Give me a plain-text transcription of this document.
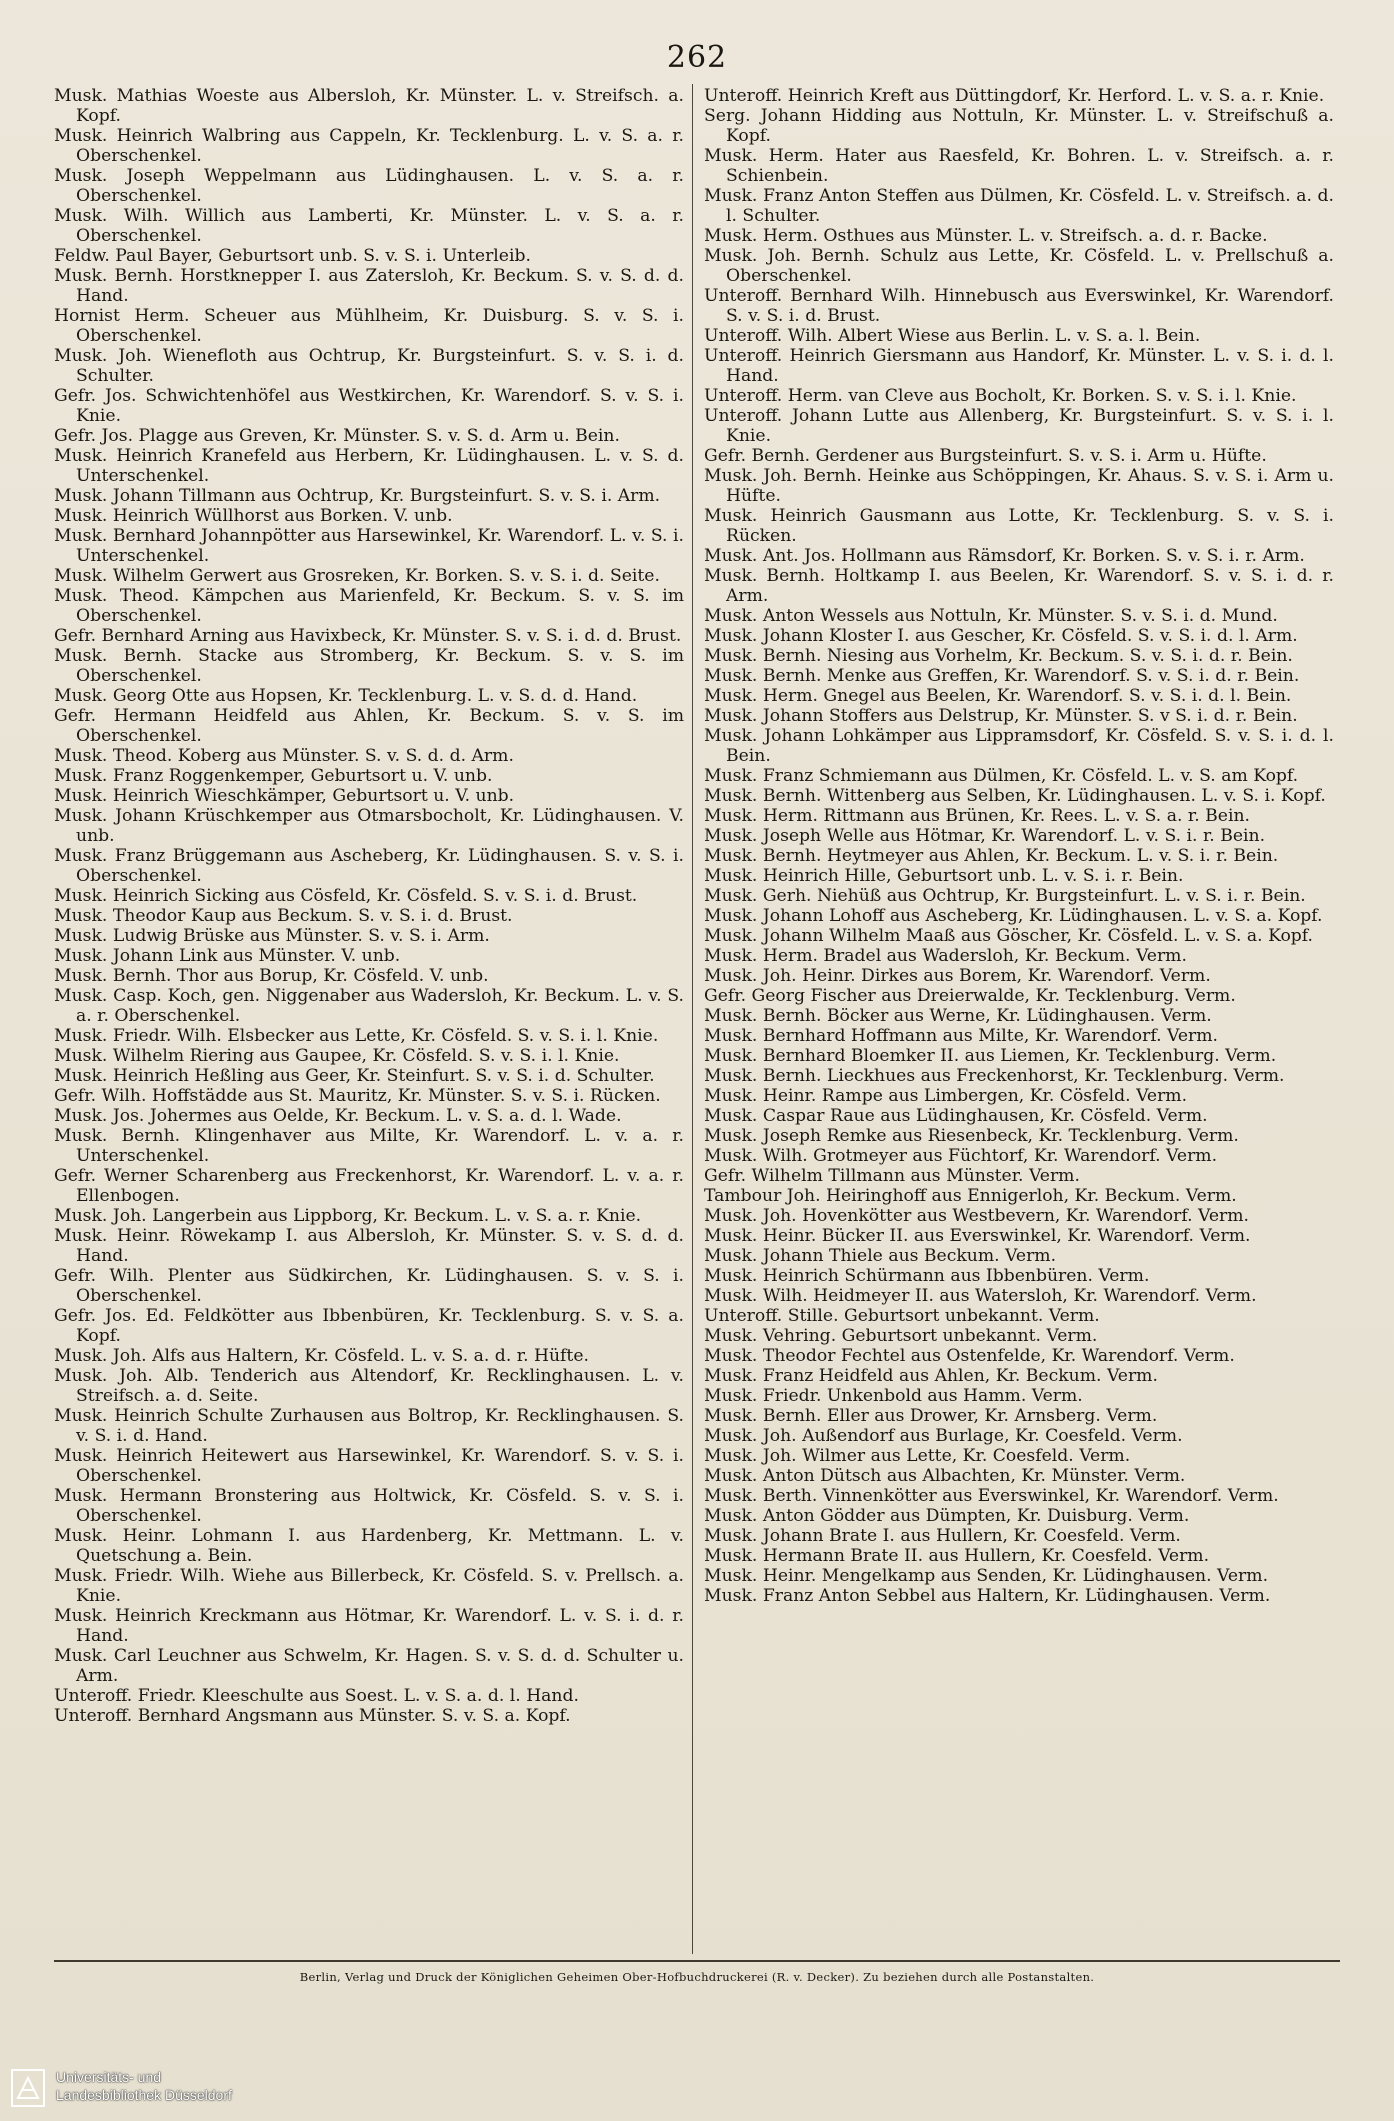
262

Musk. Mathias Woeste aus Albersloh, Kr. Münster. L. v. Streifsch. a. Kopf.

Musk. Heinrich Walbring aus Cappeln, Kr. Tecklenburg. L. v. S. a. r. Oberschenkel.

Musk. Joseph Weppelmann aus Lüdinghausen. L. v. S. a. r. Oberschenkel.

Musk. Wilh. Willich aus Lamberti, Kr. Münster. L. v. S. a. r. Oberschenkel.

Feldw. Paul Bayer, Geburtsort unb. S. v. S. i. Unterleib.

Musk. Bernh. Horstknepper I. aus Zatersloh, Kr. Beckum. S. v. S. d. d. Hand.

Hornist Herm. Scheuer aus Mühlheim, Kr. Duisburg. S. v. S. i. Oberschenkel.

Musk. Joh. Wienefloth aus Ochtrup, Kr. Burgsteinfurt. S. v. S. i. d. Schulter.

Gefr. Jos. Schwichtenhöfel aus Westkirchen, Kr. Warendorf. S. v. S. i. Knie.

Gefr. Jos. Plagge aus Greven, Kr. Münster. S. v. S. d. Arm u. Bein.

Musk. Heinrich Kranefeld aus Herbern, Kr. Lüdinghausen. L. v. S. d. Unterschenkel.

Musk. Johann Tillmann aus Ochtrup, Kr. Burgsteinfurt. S. v. S. i. Arm.

Musk. Heinrich Wüllhorst aus Borken. V. unb.

Musk. Bernhard Johannpötter aus Harsewinkel, Kr. Warendorf. L. v. S. i. Unterschenkel.

Musk. Wilhelm Gerwert aus Grosreken, Kr. Borken. S. v. S. i. d. Seite.

Musk. Theod. Kämpchen aus Marienfeld, Kr. Beckum. S. v. S. im Oberschenkel.

Gefr. Bernhard Arning aus Havixbeck, Kr. Münster. S. v. S. i. d. d. Brust.

Musk. Bernh. Stacke aus Stromberg, Kr. Beckum. S. v. S. im Oberschenkel.

Musk. Georg Otte aus Hopsen, Kr. Tecklenburg. L. v. S. d. d. Hand.

Gefr. Hermann Heidfeld aus Ahlen, Kr. Beckum. S. v. S. im Oberschenkel.

Musk. Theod. Koberg aus Münster. S. v. S. d. d. Arm.

Musk. Franz Roggenkemper, Geburtsort u. V. unb.

Musk. Heinrich Wieschkämper, Geburtsort u. V. unb.

Musk. Johann Krüschkemper aus Otmarsbocholt, Kr. Lüdinghausen. V. unb.

Musk. Franz Brüggemann aus Ascheberg, Kr. Lüdinghausen. S. v. S. i. Oberschenkel.

Musk. Heinrich Sicking aus Cösfeld, Kr. Cösfeld. S. v. S. i. d. Brust.

Musk. Theodor Kaup aus Beckum. S. v. S. i. d. Brust.

Musk. Ludwig Brüske aus Münster. S. v. S. i. Arm.

Musk. Johann Link aus Münster. V. unb.

Musk. Bernh. Thor aus Borup, Kr. Cösfeld. V. unb.

Musk. Casp. Koch, gen. Niggenaber aus Wadersloh, Kr. Beckum. L. v. S. a. r. Oberschenkel.

Musk. Friedr. Wilh. Elsbecker aus Lette, Kr. Cösfeld. S. v. S. i. l. Knie.

Musk. Wilhelm Riering aus Gaupee, Kr. Cösfeld. S. v. S. i. l. Knie.

Musk. Heinrich Heßling aus Geer, Kr. Steinfurt. S. v. S. i. d. Schulter.

Gefr. Wilh. Hoffstädde aus St. Mauritz, Kr. Münster. S. v. S. i. Rücken.

Musk. Jos. Johermes aus Oelde, Kr. Beckum. L. v. S. a. d. l. Wade.

Musk. Bernh. Klingenhaver aus Milte, Kr. Warendorf. L. v. a. r. Unterschenkel.

Gefr. Werner Scharenberg aus Freckenhorst, Kr. Warendorf. L. v. a. r. Ellenbogen.

Musk. Joh. Langerbein aus Lippborg, Kr. Beckum. L. v. S. a. r. Knie.

Musk. Heinr. Röwekamp I. aus Albersloh, Kr. Münster. S. v. S. d. d. Hand.

Gefr. Wilh. Plenter aus Südkirchen, Kr. Lüdinghausen. S. v. S. i. Oberschenkel.

Gefr. Jos. Ed. Feldkötter aus Ibbenbüren, Kr. Tecklenburg. S. v. S. a. Kopf.

Musk. Joh. Alfs aus Haltern, Kr. Cösfeld. L. v. S. a. d. r. Hüfte.

Musk. Joh. Alb. Tenderich aus Altendorf, Kr. Recklinghausen. L. v. Streifsch. a. d. Seite.

Musk. Heinrich Schulte Zurhausen aus Boltrop, Kr. Recklinghausen. S. v. S. i. d. Hand.

Musk. Heinrich Heitewert aus Harsewinkel, Kr. Warendorf. S. v. S. i. Oberschenkel.

Musk. Hermann Bronstering aus Holtwick, Kr. Cösfeld. S. v. S. i. Oberschenkel.

Musk. Heinr. Lohmann I. aus Hardenberg, Kr. Mettmann. L. v. Quetschung a. Bein.

Musk. Friedr. Wilh. Wiehe aus Billerbeck, Kr. Cösfeld. S. v. Prellsch. a. Knie.

Musk. Heinrich Kreckmann aus Hötmar, Kr. Warendorf. L. v. S. i. d. r. Hand.

Musk. Carl Leuchner aus Schwelm, Kr. Hagen. S. v. S. d. d. Schulter u. Arm.

Unteroff. Friedr. Kleeschulte aus Soest. L. v. S. a. d. l. Hand.

Unteroff. Bernhard Angsmann aus Münster. S. v. S. a. Kopf.

Unteroff. Heinrich Kreft aus Düttingdorf, Kr. Herford. L. v. S. a. r. Knie.

Serg. Johann Hidding aus Nottuln, Kr. Münster. L. v. Streifschuß a. Kopf.

Musk. Herm. Hater aus Raesfeld, Kr. Bohren. L. v. Streifsch. a. r. Schienbein.

Musk. Franz Anton Steffen aus Dülmen, Kr. Cösfeld. L. v. Streifsch. a. d. l. Schulter.

Musk. Herm. Osthues aus Münster. L. v. Streifsch. a. d. r. Backe.

Musk. Joh. Bernh. Schulz aus Lette, Kr. Cösfeld. L. v. Prellschuß a. Oberschenkel.

Unteroff. Bernhard Wilh. Hinnebusch aus Everswinkel, Kr. Warendorf. S. v. S. i. d. Brust.

Unteroff. Wilh. Albert Wiese aus Berlin. L. v. S. a. l. Bein.

Unteroff. Heinrich Giersmann aus Handorf, Kr. Münster. L. v. S. i. d. l. Hand.

Unteroff. Herm. van Cleve aus Bocholt, Kr. Borken. S. v. S. i. l. Knie.

Unteroff. Johann Lutte aus Allenberg, Kr. Burgsteinfurt. S. v. S. i. l. Knie.

Gefr. Bernh. Gerdener aus Burgsteinfurt. S. v. S. i. Arm u. Hüfte.

Musk. Joh. Bernh. Heinke aus Schöppingen, Kr. Ahaus. S. v. S. i. Arm u. Hüfte.

Musk. Heinrich Gausmann aus Lotte, Kr. Tecklenburg. S. v. S. i. Rücken.

Musk. Ant. Jos. Hollmann aus Rämsdorf, Kr. Borken. S. v. S. i. r. Arm.

Musk. Bernh. Holtkamp I. aus Beelen, Kr. Warendorf. S. v. S. i. d. r. Arm.

Musk. Anton Wessels aus Nottuln, Kr. Münster. S. v. S. i. d. Mund.

Musk. Johann Kloster I. aus Gescher, Kr. Cösfeld. S. v. S. i. d. l. Arm.

Musk. Bernh. Niesing aus Vorhelm, Kr. Beckum. S. v. S. i. d. r. Bein.

Musk. Bernh. Menke aus Greffen, Kr. Warendorf. S. v. S. i. d. r. Bein.

Musk. Herm. Gnegel aus Beelen, Kr. Warendorf. S. v. S. i. d. l. Bein.

Musk. Johann Stoffers aus Delstrup, Kr. Münster. S. v S. i. d. r. Bein.

Musk. Johann Lohkämper aus Lippramsdorf, Kr. Cösfeld. S. v. S. i. d. l. Bein.

Musk. Franz Schmiemann aus Dülmen, Kr. Cösfeld. L. v. S. am Kopf.

Musk. Bernh. Wittenberg aus Selben, Kr. Lüdinghausen. L. v. S. i. Kopf.

Musk. Herm. Rittmann aus Brünen, Kr. Rees. L. v. S. a. r. Bein.

Musk. Joseph Welle aus Hötmar, Kr. Warendorf. L. v. S. i. r. Bein.

Musk. Bernh. Heytmeyer aus Ahlen, Kr. Beckum. L. v. S. i. r. Bein.

Musk. Heinrich Hille, Geburtsort unb. L. v. S. i. r. Bein.

Musk. Gerh. Niehüß aus Ochtrup, Kr. Burgsteinfurt. L. v. S. i. r. Bein.

Musk. Johann Lohoff aus Ascheberg, Kr. Lüdinghausen. L. v. S. a. Kopf.

Musk. Johann Wilhelm Maaß aus Göscher, Kr. Cösfeld. L. v. S. a. Kopf.

Musk. Herm. Bradel aus Wadersloh, Kr. Beckum. Verm.

Musk. Joh. Heinr. Dirkes aus Borem, Kr. Warendorf. Verm.

Gefr. Georg Fischer aus Dreierwalde, Kr. Tecklenburg. Verm.

Musk. Bernh. Böcker aus Werne, Kr. Lüdinghausen. Verm.

Musk. Bernhard Hoffmann aus Milte, Kr. Warendorf. Verm.

Musk. Bernhard Bloemker II. aus Liemen, Kr. Tecklenburg. Verm.

Musk. Bernh. Lieckhues aus Freckenhorst, Kr. Tecklenburg. Verm.

Musk. Heinr. Rampe aus Limbergen, Kr. Cösfeld. Verm.

Musk. Caspar Raue aus Lüdinghausen, Kr. Cösfeld. Verm.

Musk. Joseph Remke aus Riesenbeck, Kr. Tecklenburg. Verm.

Musk. Wilh. Grotmeyer aus Füchtorf, Kr. Warendorf. Verm.

Gefr. Wilhelm Tillmann aus Münster. Verm.

Tambour Joh. Heiringhoff aus Ennigerloh, Kr. Beckum. Verm.

Musk. Joh. Hovenkötter aus Westbevern, Kr. Warendorf. Verm.

Musk. Heinr. Bücker II. aus Everswinkel, Kr. Warendorf. Verm.

Musk. Johann Thiele aus Beckum. Verm.

Musk. Heinrich Schürmann aus Ibbenbüren. Verm.

Musk. Wilh. Heidmeyer II. aus Watersloh, Kr. Warendorf. Verm.

Unteroff. Stille. Geburtsort unbekannt. Verm.

Musk. Vehring. Geburtsort unbekannt. Verm.

Musk. Theodor Fechtel aus Ostenfelde, Kr. Warendorf. Verm.

Musk. Franz Heidfeld aus Ahlen, Kr. Beckum. Verm.

Musk. Friedr. Unkenbold aus Hamm. Verm.

Musk. Bernh. Eller aus Drower, Kr. Arnsberg. Verm.

Musk. Joh. Außendorf aus Burlage, Kr. Coesfeld. Verm.

Musk. Joh. Wilmer aus Lette, Kr. Coesfeld. Verm.

Musk. Anton Dütsch aus Albachten, Kr. Münster. Verm.

Musk. Berth. Vinnenkötter aus Everswinkel, Kr. Warendorf. Verm.

Musk. Anton Gödder aus Dümpten, Kr. Duisburg. Verm.

Musk. Johann Brate I. aus Hullern, Kr. Coesfeld. Verm.

Musk. Hermann Brate II. aus Hullern, Kr. Coesfeld. Verm.

Musk. Heinr. Mengelkamp aus Senden, Kr. Lüdinghausen. Verm.

Musk. Franz Anton Sebbel aus Haltern, Kr. Lüdinghausen. Verm.

Berlin, Verlag und Druck der Königlichen Geheimen Ober-Hofbuchdruckerei (R. v. Decker). Zu beziehen durch alle Postanstalten.
Universitäts- und
Landesbibliothek Düsseldorf
